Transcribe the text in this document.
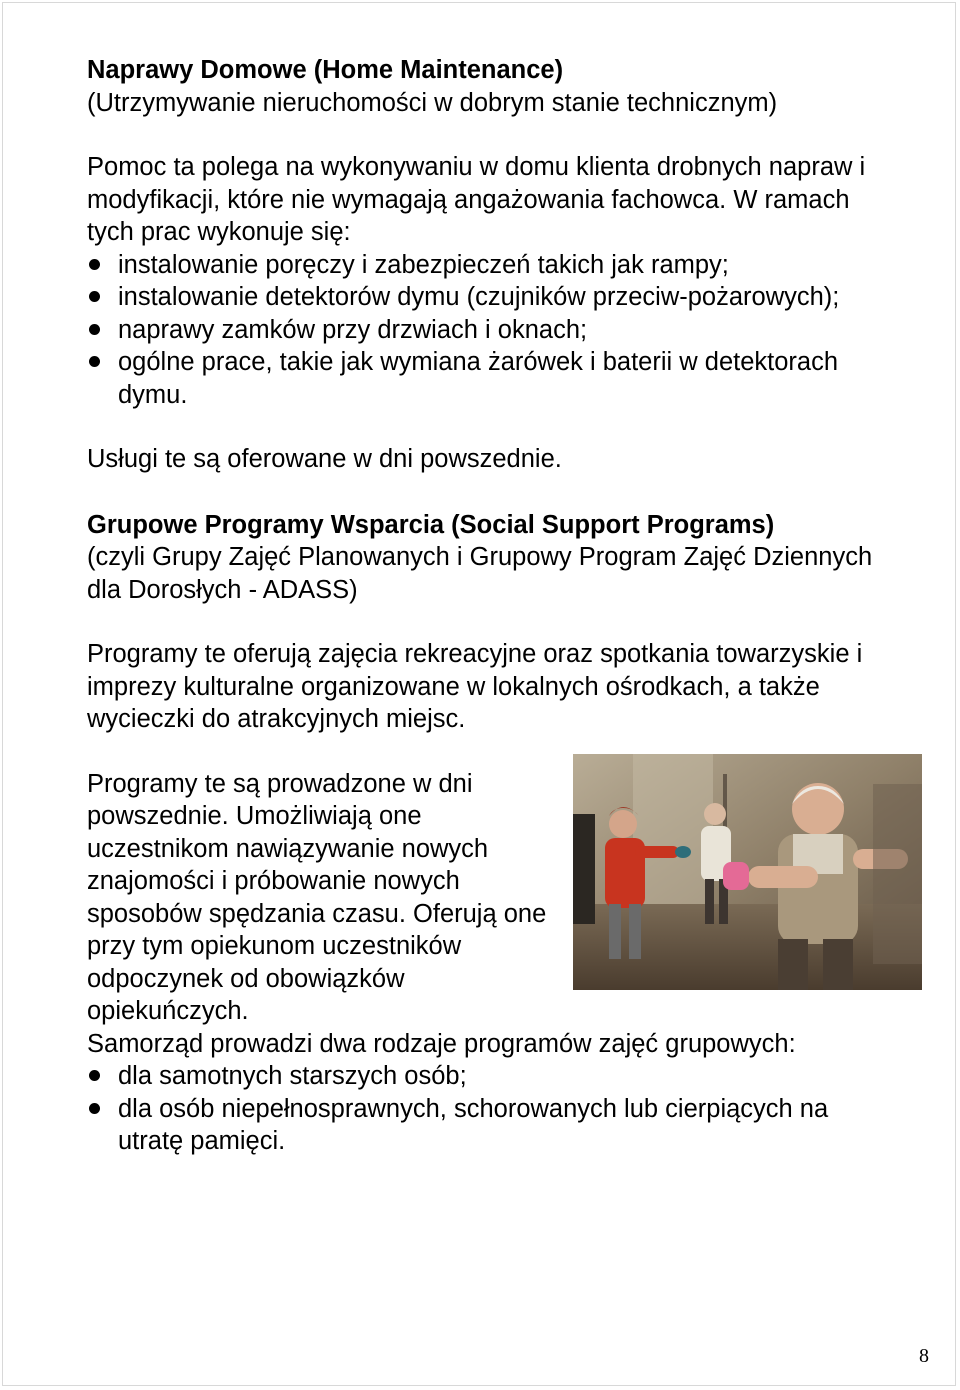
Naprawy Domowe (Home Maintenance)

(Utrzymywanie nieruchomości w dobrym stanie technicznym)

Pomoc ta polega na wykonywaniu w domu klienta drobnych napraw i modyfikacji, które nie wymagają angażowania fachowca. W ramach tych prac wykonuje się:

instalowanie poręczy i zabezpieczeń takich jak rampy;
instalowanie detektorów dymu (czujników przeciw-pożarowych);
naprawy zamków przy drzwiach i oknach;
ogólne prace, takie jak wymiana żarówek i baterii w detektorach dymu.

Usługi te są oferowane w dni powszednie.

Grupowe Programy Wsparcia (Social Support Programs)

(czyli Grupy Zajęć Planowanych i Grupowy Program Zajęć Dziennych dla Dorosłych - ADASS)

Programy te oferują zajęcia rekreacyjne oraz spotkania towarzyskie i imprezy kulturalne organizowane w lokalnych ośrodkach, a także wycieczki do atrakcyjnych miejsc.

Programy te są prowadzone w dni powszednie. Umożliwiają one uczestnikom nawiązywanie nowych znajomości i próbowanie nowych sposobów spędzania czasu. Oferują one przy tym opiekunom uczestników odpoczynek od obowiązków opiekuńczych.

Samorząd prowadzi dwa rodzaje programów zajęć grupowych:

dla samotnych starszych osób;
dla osób niepełnosprawnych, schorowanych lub cierpiących na utratę pamięci.
8
